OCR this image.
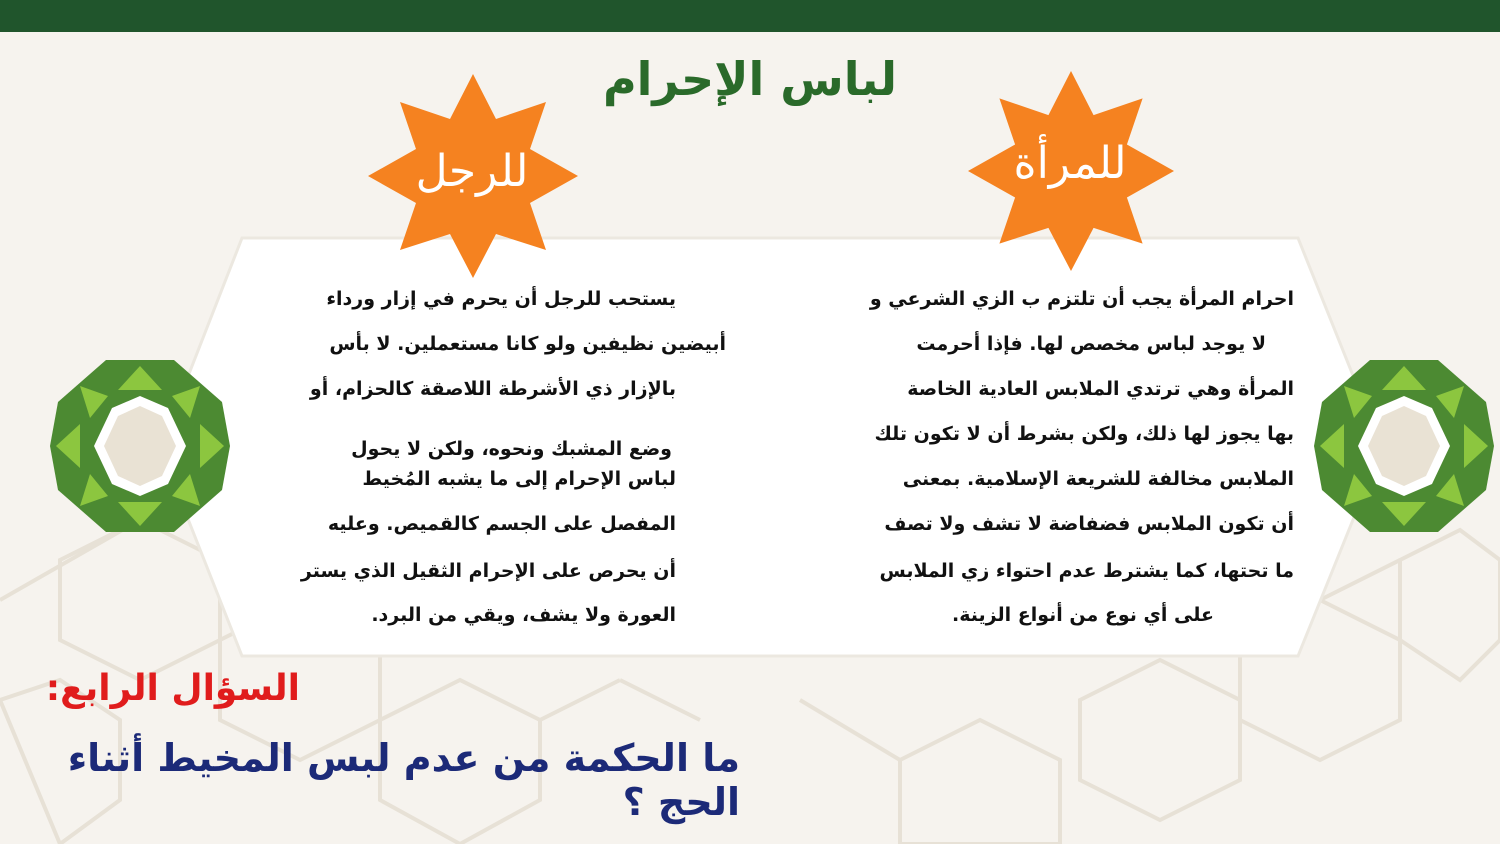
لباس الإحرام
للرجل	للمرأة

يستحب للرجل أن يحرم في إزار ورداء

أبيضين نظيفين ولو كانا مستعملين. لا بأس

بالإزار ذي الأشرطة اللاصقة كالحزام، أو

وضع المشبك ونحوه، ولكن لا يحول

لباس الإحرام إلى ما يشبه المُخيط

المفصل على الجسم كالقميص. وعليه

أن يحرص على الإحرام الثقيل الذي يستر

العورة ولا يشف، ويقي من البرد.

احرام المرأة يجب أن تلتزم ب الزي الشرعي و

لا يوجد لباس مخصص لها. فإذا أحرمت

المرأة وهي ترتدي الملابس العادية الخاصة

بها يجوز لها ذلك، ولكن بشرط أن لا تكون تلك

الملابس مخالفة للشريعة الإسلامية. بمعنى

أن تكون الملابس فضفاضة لا تشف ولا تصف

ما تحتها، كما يشترط عدم احتواء زي الملابس

على أي نوع من أنواع الزينة.

السؤال الرابع:
ما الحكمة من عدم لبس المخيط أثناء الحج ؟
